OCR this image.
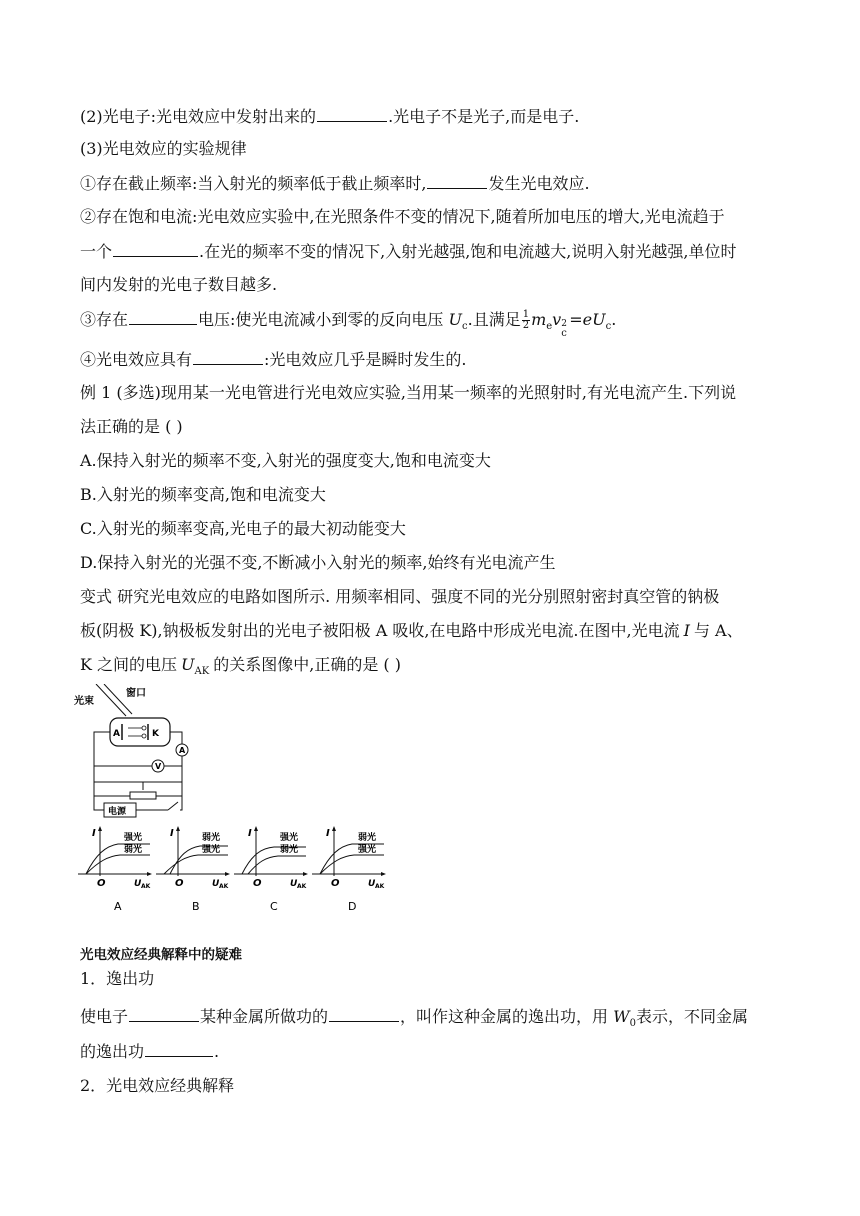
(2)光电子:光电效应中发射出来的	.光电子不是光子,而是电子.
(3)光电效应的实验规律
①存在截止频率:当入射光的频率低于截止频率时,	发生光电效应.
②存在饱和电流:光电效应实验中,在光照条件不变的情况下,随着所加电压的增大,光电流趋于
一个	.在光的频率不变的情况下,入射光越强,饱和电流越大,说明入射光越强,单位时
间内发射的光电子数目越多.
③存在	电压:使光电流减小到零的反向电压 $U_c$.且满足 $\frac{1}{2} m_ev$ 2
c
$=eU_c$.
④光电效应具有	:光电效应几乎是瞬时发生的.
例 1 (多选)现用某一光电管进行光电效应实验,当用某一频率的光照射时,有光电流产生.下列说
法正确的是 ( )
A.保持入射光的频率不变,入射光的强度变大,饱和电流变大
B.入射光的频率变高,饱和电流变大
C.入射光的频率变高,光电子的最大初动能变大
D.保持入射光的光强不变,不断减小入射光的频率,始终有光电流产生
变式 研究光电效应的电路如图所示. 用频率相同、强度不同的光分别照射密封真空管的钠极
板(阴极 K),钠极板发射出的光电子被阳极 A 吸收,在电路中形成光电流.在图中,光电流 I 与 A、
K 之间的电压 $U_{AK}$ 的关系图像中,正确的是 ( )
光束
窗口
A	K
A
V
电源
I
O	U AK
强光
弱光
A
I
O	U AK
弱光
强光
B
I
O	U AK
强光
弱光
C
I
O	U AK
弱光
强光
D
光电效应经典解释中的疑难
1．逸出功
使电子	某种金属所做功的	，叫作这种金属的逸出功，用 $W_0$表示，不同金属
的逸出功	.
2．光电效应经典解释
